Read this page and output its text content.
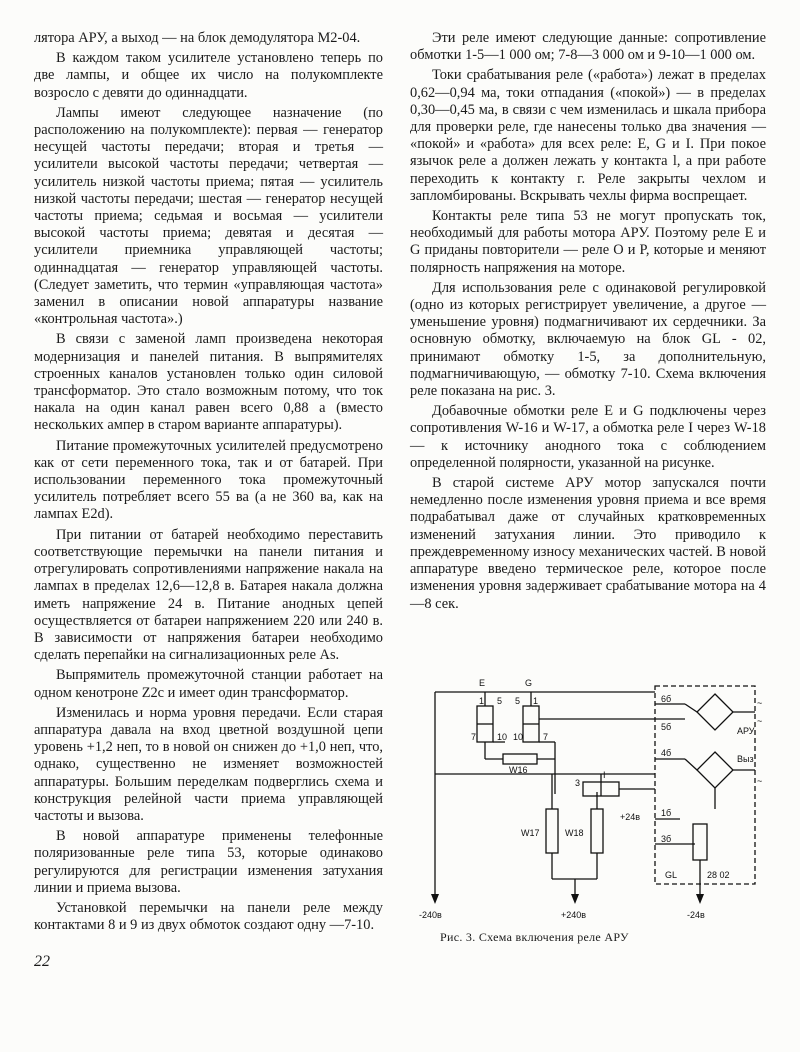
лятора АРУ, а выход — на блок демодулятора М2-04.

В каждом таком усилителе установлено теперь по две лампы, и общее их число на полукомплекте возросло с девяти до одиннадцати.

Лампы имеют следующее назначение (по расположению на полукомплекте): первая — генератор несущей частоты передачи; вторая и третья — усилители высокой частоты передачи; четвертая — усилитель низкой частоты приема; пятая — усилитель низкой частоты передачи; шестая — генератор несущей частоты приема; седьмая и восьмая — усилители высокой частоты приема; девятая и десятая — усилители приемника управляющей частоты; одиннадцатая — генератор управляющей частоты. (Следует заметить, что термин «управляющая частота» заменил в описании новой аппаратуры название «контрольная частота».)

В связи с заменой ламп произведена некоторая модернизация и панелей питания. В выпрямителях строенных каналов установлен только один силовой трансформатор. Это стало возможным потому, что ток накала на один канал равен всего 0,88 а (вместо нескольких ампер в старом варианте аппаратуры).

Питание промежуточных усилителей предусмотрено как от сети переменного тока, так и от батарей. При использовании переменного тока промежуточный усилитель потребляет всего 55 ва (а не 360 ва, как на лампах E2d).

При питании от батарей необходимо переставить соответствующие перемычки на панели питания и отрегулировать сопротивлениями напряжение накала на лампах в пределах 12,6—12,8 в. Батарея накала должна иметь напряжение 24 в. Питание анодных цепей осуществляется от батареи напряжением 220 или 240 в. В зависимости от напряжения батареи необходимо сделать перепайки на сигнализационных реле As.

Выпрямитель промежуточной станции работает на одном кенотроне Z2c и имеет один трансформатор.

Изменилась и норма уровня передачи. Если старая аппаратура давала на вход цветной воздушной цепи уровень +1,2 неп, то в новой он снижен до +1,0 неп, что, однако, существенно не изменяет возможностей аппаратуры. Большим переделкам подверглись схема и конструкция релейной части приема управляющей частоты и вызова.

В новой аппаратуре применены телефонные поляризованные реле типа 53, которые одинаково регулируются для регистрации изменения затухания линии и приема вызова.

Установкой перемычки на панели реле между контактами 8 и 9 из двух обмоток создают одну —7-10.

Эти реле имеют следующие данные: сопротивление обмотки 1-5—1 000 ом; 7-8—3 000 ом и 9-10—1 000 ом.

Токи срабатывания реле («работа») лежат в пределах 0,62—0,94 ма, токи отпадания («покой») — в пределах 0,30—0,45 ма, в связи с чем изменилась и шкала прибора для проверки реле, где нанесены только два значения — «покой» и «работа» для всех реле: E, G и I. При покое язычок реле a должен лежать у контакта l, а при работе переходить к контакту г. Реле закрыты чехлом и запломбированы. Вскрывать чехлы фирма воспрещает.

Контакты реле типа 53 не могут пропускать ток, необходимый для работы мотора АРУ. Поэтому реле E и G приданы повторители — реле O и P, которые и меняют полярность напряжения на моторе.

Для использования реле с одинаковой регулировкой (одно из которых регистрирует увеличение, а другое — уменьшение уровня) подмагничивают их сердечники. За основную обмотку, включаемую на блок GL - 02, принимают обмотку 1-5, за дополнительную, подмагничивающую, — обмотку 7-10. Схема включения реле показана на рис. 3.

Добавочные обмотки реле E и G подключены через сопротивления W-16 и W-17, а обмотка реле I через W-18 — к источнику анодного тока с соблюдением определенной полярности, указанной на рисунке.

В старой системе АРУ мотор запускался почти немедленно после изменения уровня приема и все время подрабатывал даже от случайных кратковременных изменений затухания линии. Это приводило к преждевременному износу механических частей. В новой аппаратуре введено термическое реле, которое после изменения уровня задерживает срабатывание мотора на 4—8 сек.

E	G
1 5
7 10
5 1
10 7
W16
W17	W18
3
I
+24в
6б
5б
4б
1б
3б
АРУ
Выз
~
~
~
GL	28 02
-240в	+240в	-24в
Рис. 3. Схема включения реле АРУ
22
